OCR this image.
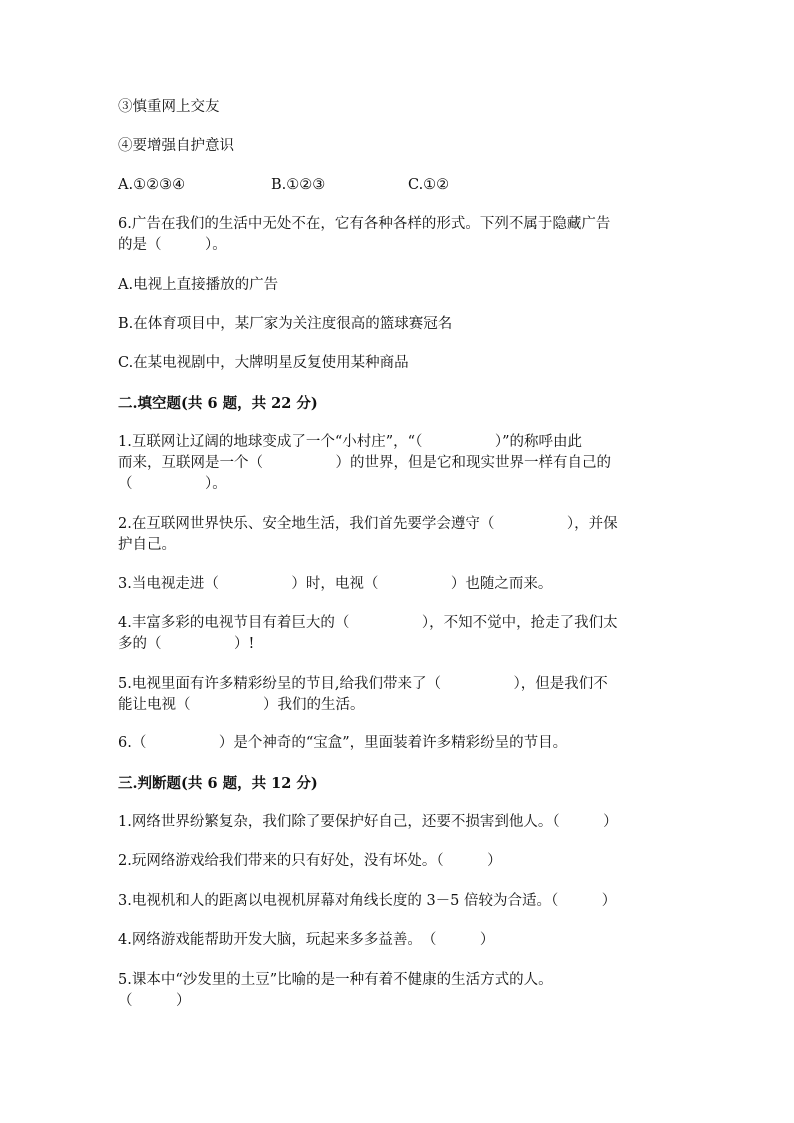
③慎重网上交友
④要增强自护意识
A.①②③④	B.①②③	C.①②
6.广告在我们的生活中无处不在，它有各种各样的形式。下列不属于隐藏广告
的是（　　　）。
A.电视上直接播放的广告
B.在体育项目中，某厂家为关注度很高的篮球赛冠名
C.在某电视剧中，大牌明星反复使用某种商品
二.填空题(共 6 题，共 22 分)
1.互联网让辽阔的地球变成了一个“小村庄”，“（　　　　　）”的称呼由此
而来，互联网是一个（　　　　　）的世界，但是它和现实世界一样有自己的
（　　　　　）。
2.在互联网世界快乐、安全地生活，我们首先要学会遵守（　　　　　），并保
护自己。
3.当电视走进（　　　　　）时，电视（　　　　　）也随之而来。
4.丰富多彩的电视节目有着巨大的（　　　　　），不知不觉中，抢走了我们太
多的（　　　　　）!
5.电视里面有许多精彩纷呈的节目,给我们带来了（　　　　　），但是我们不
能让电视（　　　　　）我们的生活。
6.（　　　　　）是个神奇的“宝盒”，里面装着许多精彩纷呈的节目。
三.判断题(共 6 题，共 12 分)
1.网络世界纷繁复杂，我们除了要保护好自己，还要不损害到他人。（　　　）
2.玩网络游戏给我们带来的只有好处，没有坏处。（　　　）
3.电视机和人的距离以电视机屏幕对角线长度的 3－5 倍较为合适。（　　　）
4.网络游戏能帮助开发大脑，玩起来多多益善。　（　　　）
5.课本中“沙发里的土豆”比喻的是一种有着不健康的生活方式的人。
（　　　）
